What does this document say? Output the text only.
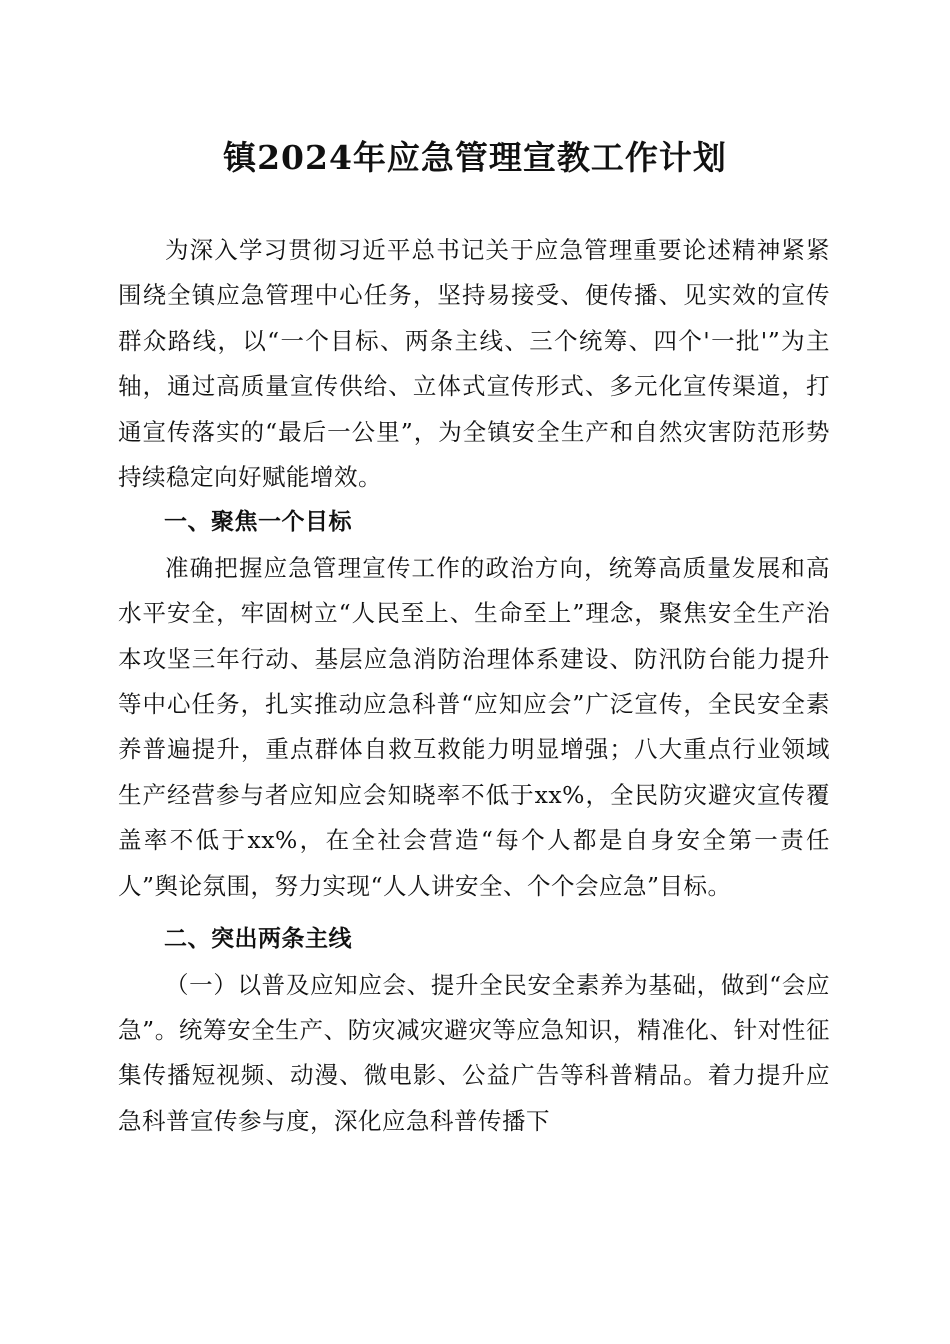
镇2024年应急管理宣教工作计划

为深入学习贯彻习近平总书记关于应急管理重要论述精神紧紧围绕全镇应急管理中心任务，坚持易接受、便传播、见实效的宣传群众路线，以“一个目标、两条主线、三个统筹、四个'一批'”为主轴，通过高质量宣传供给、立体式宣传形式、多元化宣传渠道，打通宣传落实的“最后一公里”，为全镇安全生产和自然灾害防范形势持续稳定向好赋能增效。

一、聚焦一个目标

准确把握应急管理宣传工作的政治方向，统筹高质量发展和高水平安全，牢固树立“人民至上、生命至上”理念，聚焦安全生产治本攻坚三年行动、基层应急消防治理体系建设、防汛防台能力提升等中心任务，扎实推动应急科普“应知应会”广泛宣传，全民安全素养普遍提升，重点群体自救互救能力明显增强；八大重点行业领域生产经营参与者应知应会知晓率不低于xx%，全民防灾避灾宣传覆盖率不低于xx%，在全社会营造“每个人都是自身安全第一责任人”舆论氛围，努力实现“人人讲安全、个个会应急”目标。

二、突出两条主线

（一）以普及应知应会、提升全民安全素养为基础，做到“会应急”。统筹安全生产、防灾减灾避灾等应急知识，精准化、针对性征集传播短视频、动漫、微电影、公益广告等科普精品。着力提升应急科普宣传参与度，深化应急科普传播下
